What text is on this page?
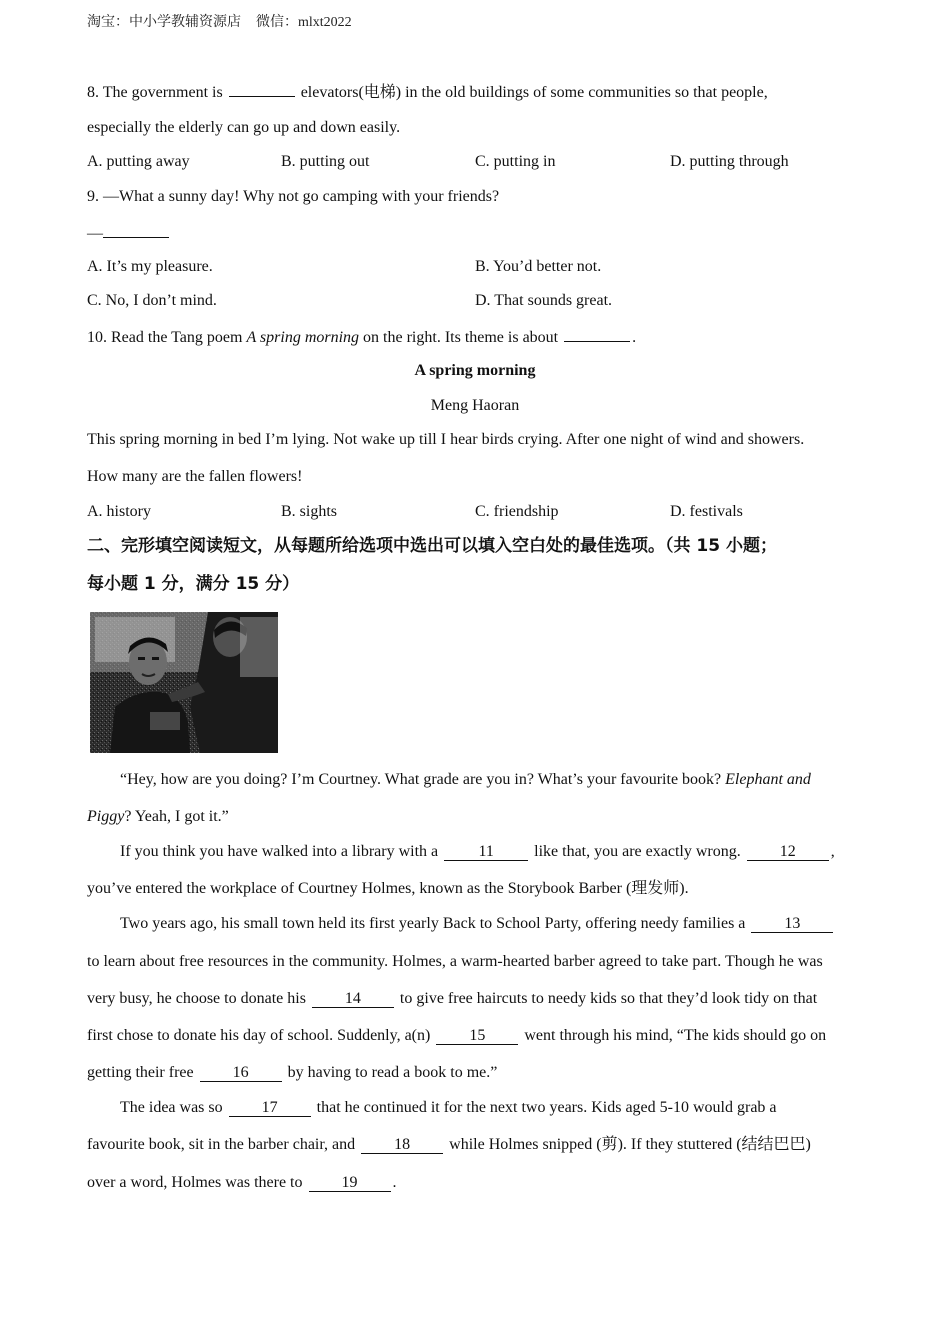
淘宝：中小学教辅资源店 微信：mlxt2022
8. The government is	elevators(电梯) in the old buildings of some communities so that people,
especially the elderly can go up and down easily.
A. putting away	B. putting out	C. putting in	D. putting through
9. —What a sunny day! Why not go camping with your friends?
—
A. It’s my pleasure.	B. You’d better not.
C. No, I don’t mind.	D. That sounds great.
10. Read the Tang poem A spring morning on the right. Its theme is about	.
A spring morning
Meng Haoran
This spring morning in bed I’m lying. Not wake up till I hear birds crying. After one night of wind and showers.
How many are the fallen flowers!
A. history	B. sights	C. friendship	D. festivals
二、完形填空阅读短文，从每题所给选项中选出可以填入空白处的最佳选项。（共 15 小题；
每小题 1 分，满分 15 分）
“Hey, how are you doing? I’m Courtney. What grade are you in? What’s your favourite book? Elephant and
Piggy? Yeah, I got it.”
If you think you have walked into a library with a	11	like that, you are exactly wrong. 12 ,
you’ve entered the workplace of Courtney Holmes, known as the Storybook Barber (理发师).
Two years ago, his small town held its first yearly Back to School Party, offering needy families a 13
to learn about free resources in the community. Holmes, a warm-hearted barber agreed to take part. Though he was
very busy, he choose to donate his 14 to give free haircuts to needy kids so that they’d look tidy on that
first chose to donate his day of school. Suddenly, a(n) 15 went through his mind, “The kids should go on
getting their free 16 by having to read a book to me.”
The idea was so 17 that he continued it for the next two years. Kids aged 5-10 would grab a
favourite book, sit in the barber chair, and 18 while Holmes snipped (剪). If they stuttered (结结巴巴)
over a word, Holmes was there to 19 .
